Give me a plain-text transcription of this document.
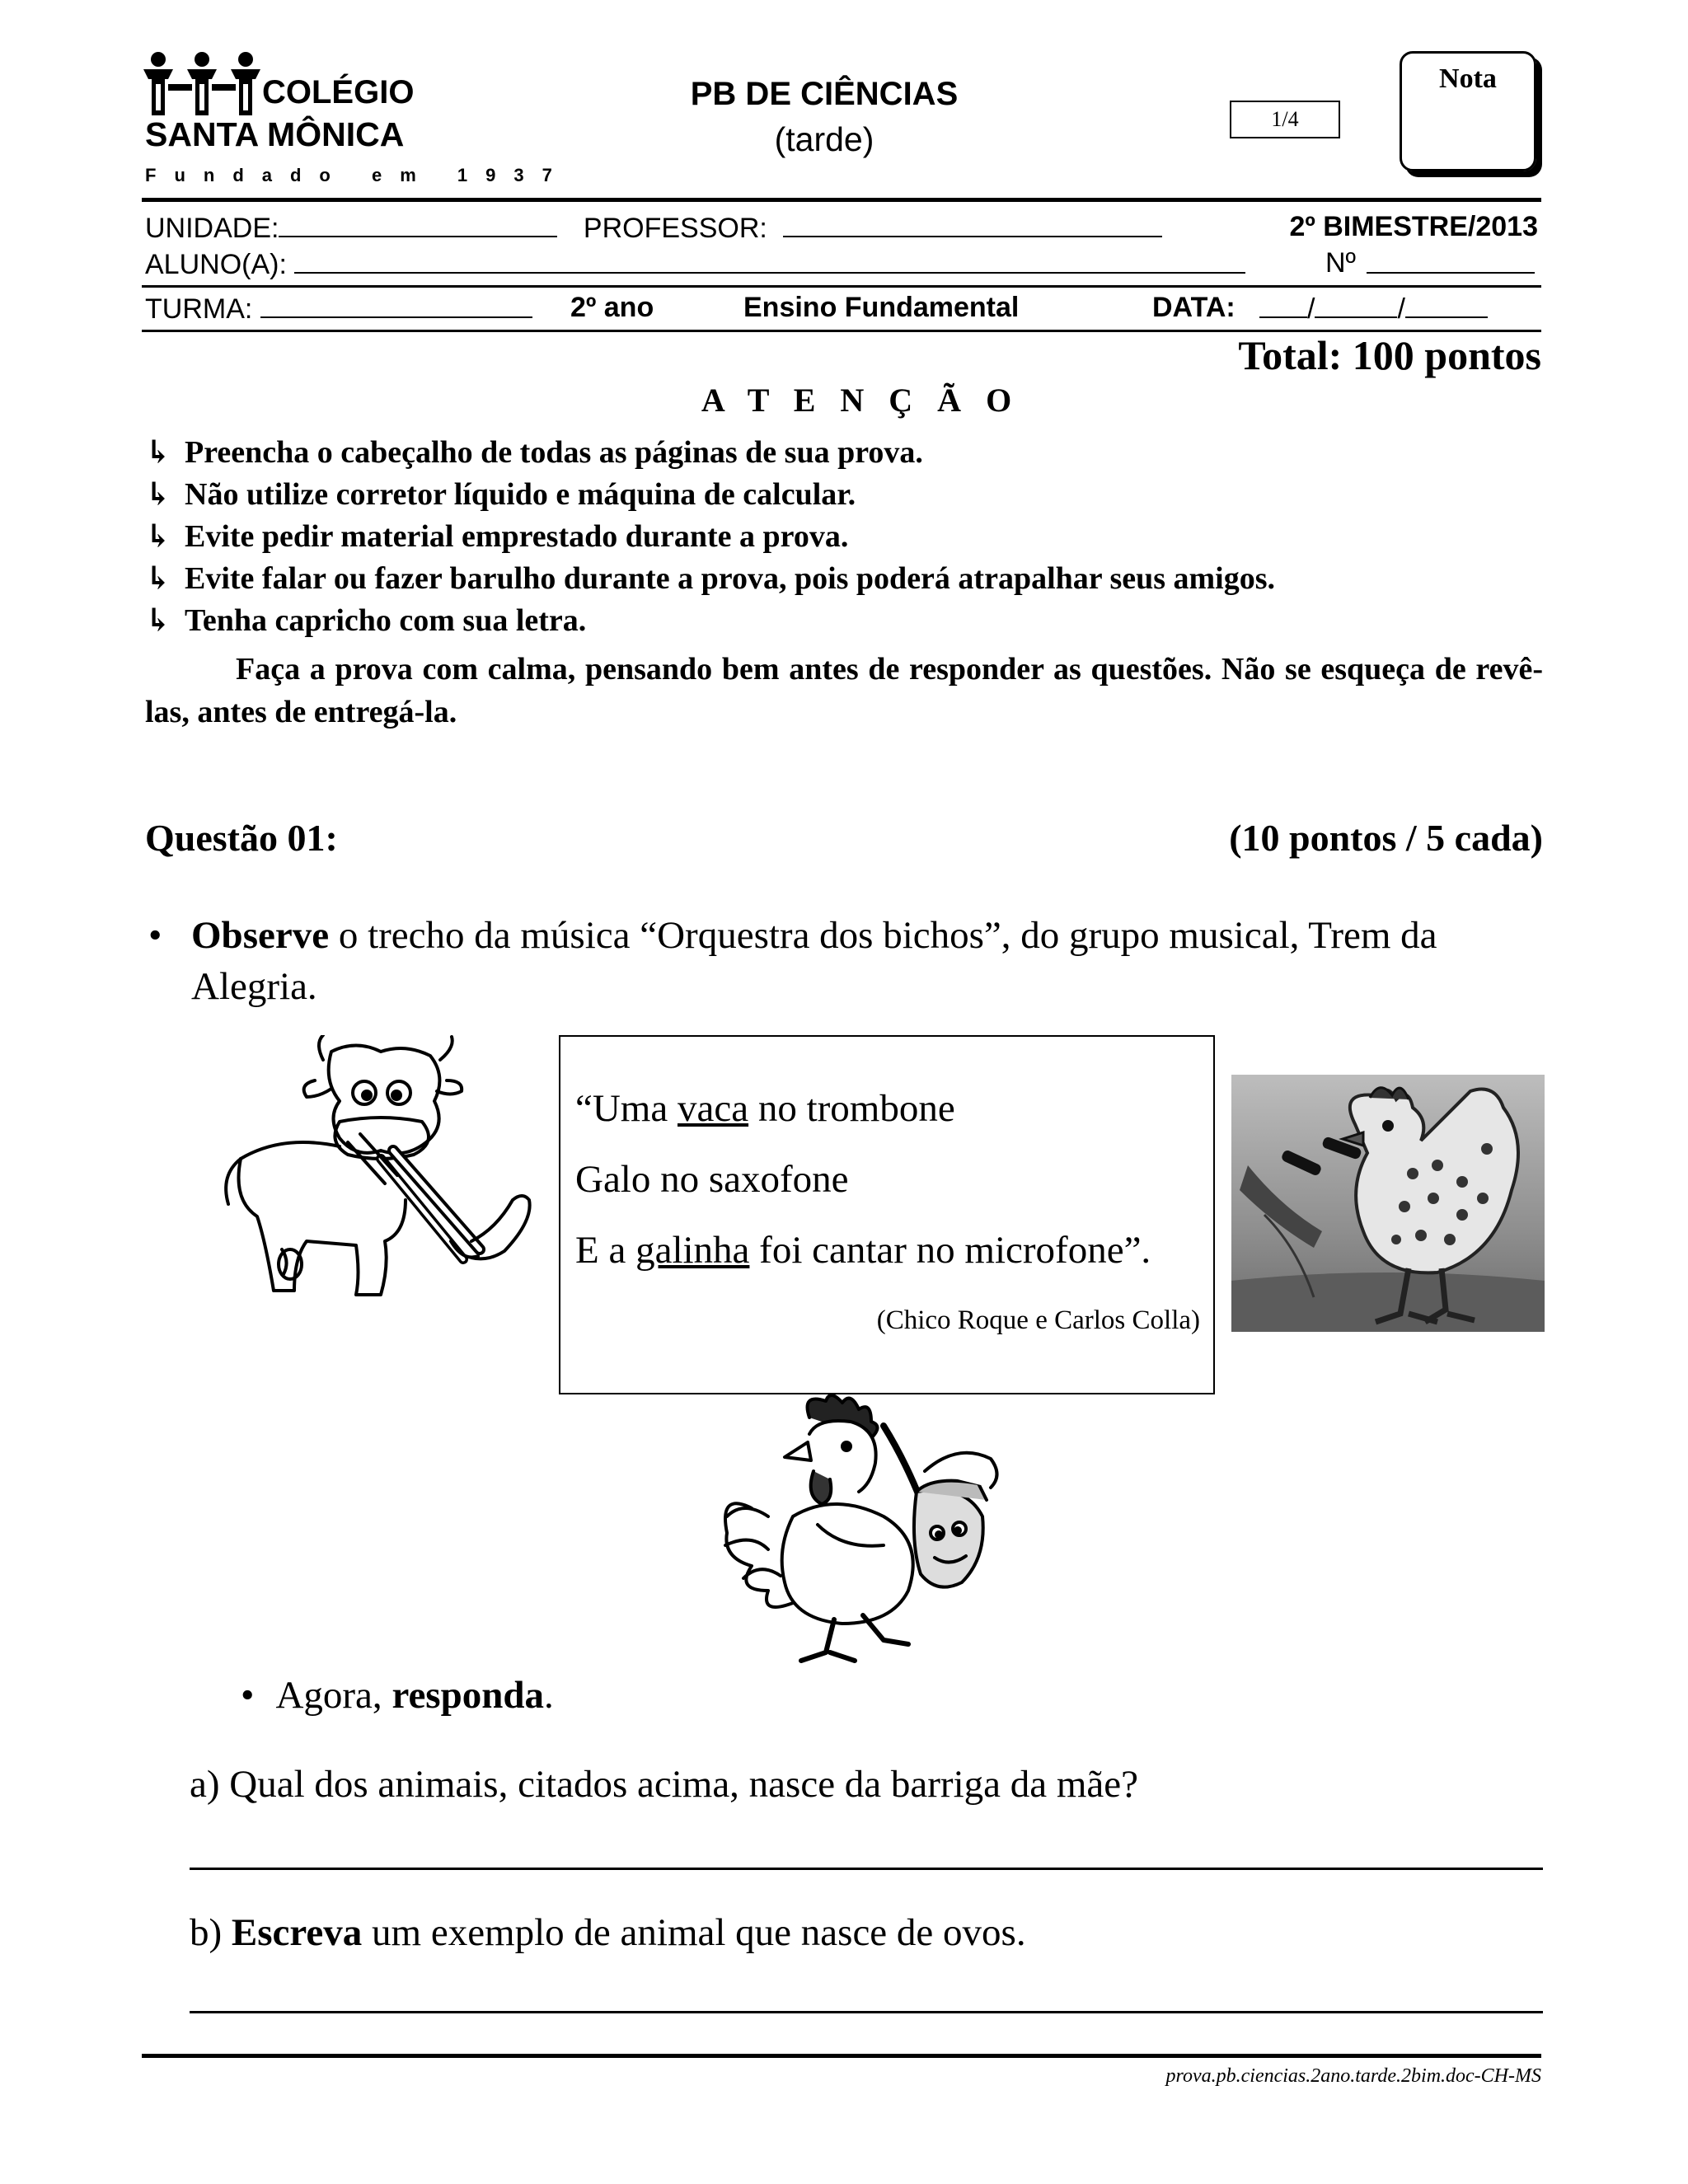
COLÉGIO
SANTA MÔNICA
Fundado em 1937
PB DE CIÊNCIAS
(tarde)
1/4
Nota
UNIDADE:	PROFESSOR:	2º BIMESTRE/2013
ALUNO(A):	Nº
TURMA:	2º ano	Ensino Fundamental	DATA:	/	/
Total: 100 pontos
A T E N Ç Ã O
↳ Preencha o cabeçalho de todas as páginas de sua prova.
↳ Não utilize corretor líquido e máquina de calcular.
↳ Evite pedir material emprestado durante a prova.
↳ Evite falar ou fazer barulho durante a prova, pois poderá atrapalhar seus amigos.
↳ Tenha capricho com sua letra.
Faça a prova com calma, pensando bem antes de responder as questões. Não se esqueça de revê-las, antes de entregá-la.
Questão 01:	(10 pontos / 5 cada)
• Observe o trecho da música “Orquestra dos bichos”, do grupo musical, Trem da Alegria.
“Uma vaca no trombone
Galo no saxofone
E a galinha foi cantar no microfone”.
(Chico Roque e Carlos Colla)
• Agora, responda.
a) Qual dos animais, citados acima, nasce da barriga da mãe?
b) Escreva um exemplo de animal que nasce de ovos.
prova.pb.ciencias.2ano.tarde.2bim.doc-CH-MS
